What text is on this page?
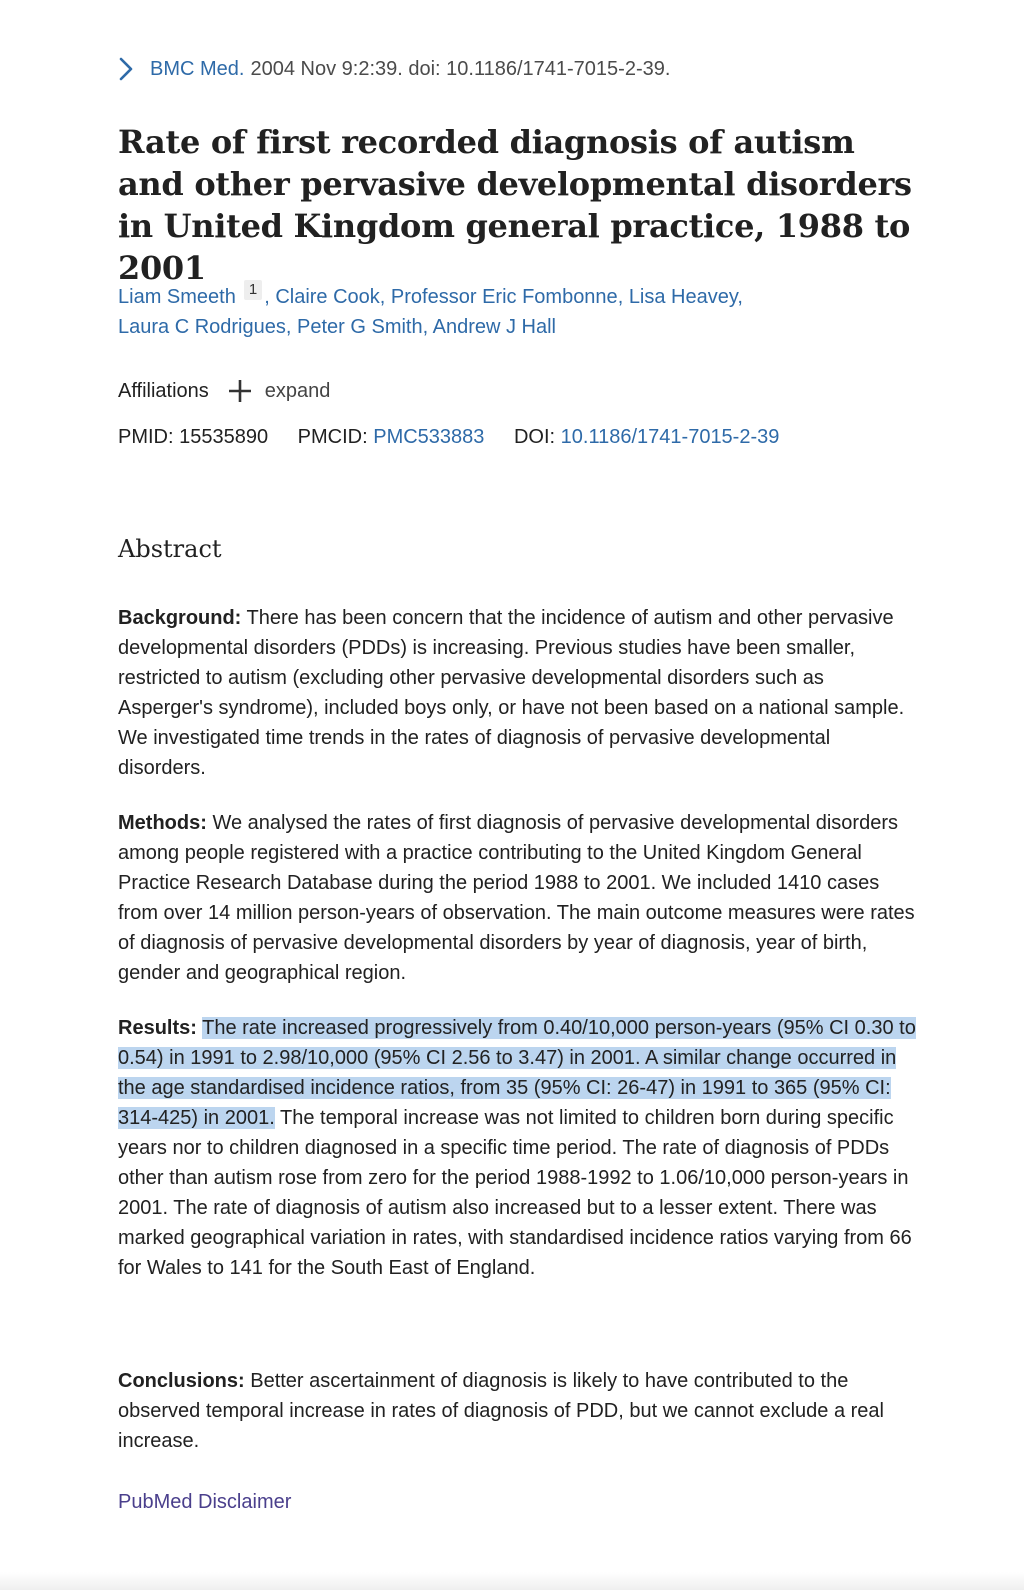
BMC Med. 2004 Nov 9:2:39. doi: 10.1186/1741-7015-2-39.
Rate of first recorded diagnosis of autism and other pervasive developmental disorders in United Kingdom general practice, 1988 to 2001
Liam Smeeth 1 , Claire Cook, Professor Eric Fombonne, Lisa Heavey,
Laura C Rodrigues, Peter G Smith, Andrew J Hall
Affiliations	expand
PMID: 15535890 PMCID: PMC533883 DOI: 10.1186/1741-7015-2-39
Abstract

Background: There has been concern that the incidence of autism and other pervasive developmental disorders (PDDs) is increasing. Previous studies have been smaller, restricted to autism (excluding other pervasive developmental disorders such as Asperger's syndrome), included boys only, or have not been based on a national sample. We investigated time trends in the rates of diagnosis of pervasive developmental disorders.

Methods: We analysed the rates of first diagnosis of pervasive developmental disorders among people registered with a practice contributing to the United Kingdom General Practice Research Database during the period 1988 to 2001. We included 1410 cases from over 14 million person-years of observation. The main outcome measures were rates of diagnosis of pervasive developmental disorders by year of diagnosis, year of birth, gender and geographical region.

Results: The rate increased progressively from 0.40/10,000 person-years (95% CI 0.30 to 0.54) in 1991 to 2.98/10,000 (95% CI 2.56 to 3.47) in 2001. A similar change occurred in the age standardised incidence ratios, from 35 (95% CI: 26-47) in 1991 to 365 (95% CI: 314-425) in 2001. The temporal increase was not limited to children born during specific years nor to children diagnosed in a specific time period. The rate of diagnosis of PDDs other than autism rose from zero for the period 1988-1992 to 1.06/10,000 person-years in 2001. The rate of diagnosis of autism also increased but to a lesser extent. There was marked geographical variation in rates, with standardised incidence ratios varying from 66 for Wales to 141 for the South East of England.

Conclusions: Better ascertainment of diagnosis is likely to have contributed to the observed temporal increase in rates of diagnosis of PDD, but we cannot exclude a real increase.

PubMed Disclaimer
